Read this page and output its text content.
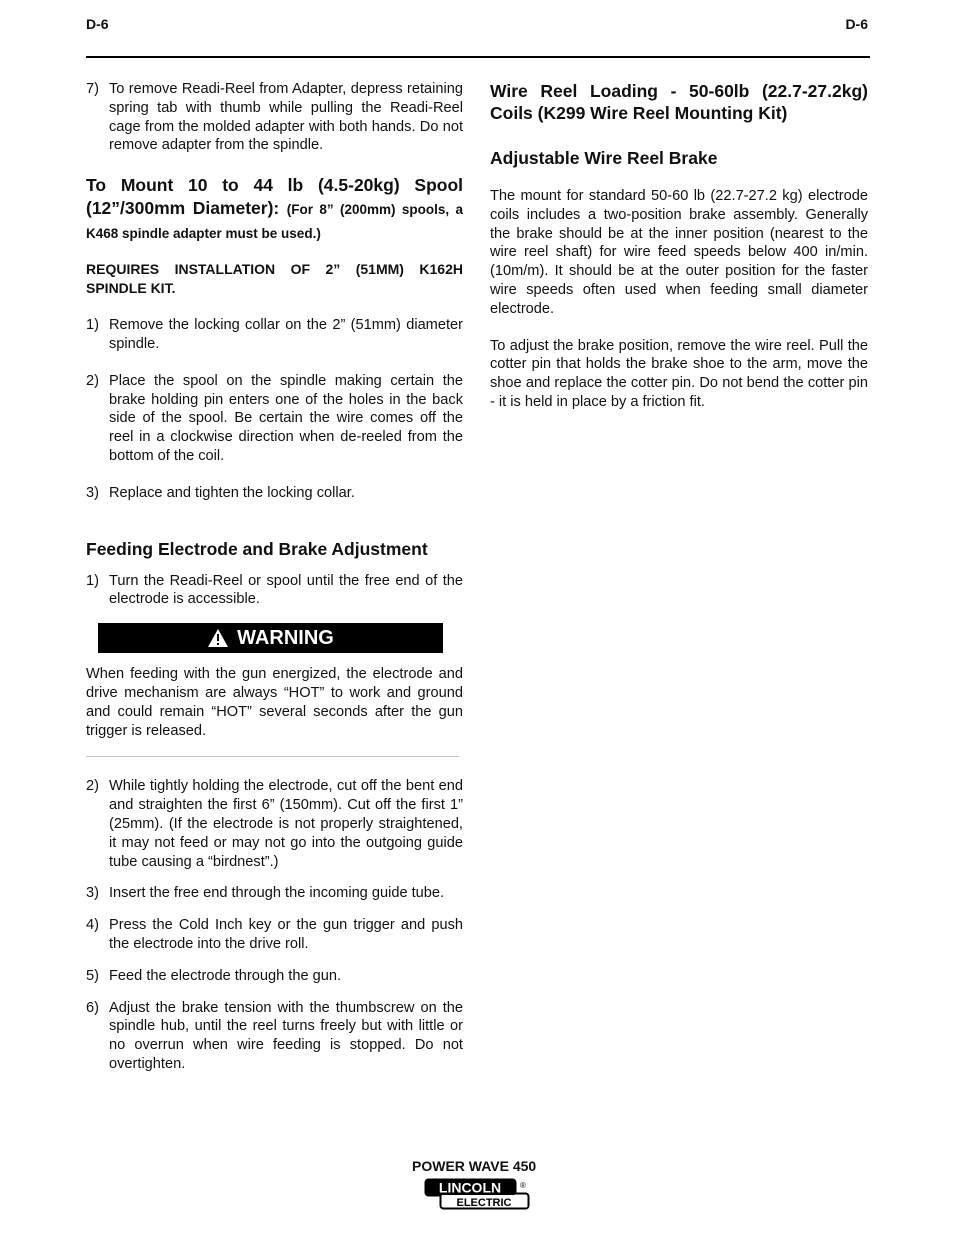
D-6	D-6
7) To remove Readi-Reel from Adapter, depress retaining spring tab with thumb while pulling the Readi-Reel cage from the molded adapter with both hands. Do not remove adapter from the spindle.
To Mount 10 to 44 lb (4.5-20kg) Spool (12”/300mm Diameter): (For 8” (200mm) spools, a K468 spindle adapter must be used.)
REQUIRES INSTALLATION OF 2” (51MM) K162H SPINDLE KIT.
1) Remove the locking collar on the 2” (51mm) diameter spindle.
2) Place the spool on the spindle making certain the brake holding pin enters one of the holes in the back side of the spool. Be certain the wire comes off the reel in a clockwise direction when de-reeled from the bottom of the coil.
3) Replace and tighten the locking collar.
Feeding Electrode and Brake Adjustment
1) Turn the Readi-Reel or spool until the free end of the electrode is accessible.
WARNING
When feeding with the gun energized, the electrode and drive mechanism are always “HOT” to work and ground and could remain “HOT” several seconds after the gun trigger is released.
2) While tightly holding the electrode, cut off the bent end and straighten the first 6” (150mm). Cut off the first 1” (25mm). (If the electrode is not properly straightened, it may not feed or may not go into the outgoing guide tube causing a “birdnest”.)
3) Insert the free end through the incoming guide tube.
4) Press the Cold Inch key or the gun trigger and push the electrode into the drive roll.
5) Feed the electrode through the gun.
6) Adjust the brake tension with the thumbscrew on the spindle hub, until the reel turns freely but with little or no overrun when wire feeding is stopped. Do not overtighten.
Wire Reel Loading - 50-60lb (22.7-27.2kg) Coils (K299 Wire Reel Mounting Kit)
Adjustable Wire Reel Brake
The mount for standard 50-60 lb (22.7-27.2 kg) electrode coils includes a two-position brake assembly. Generally the brake should be at the inner position (nearest to the wire reel shaft) for wire feed speeds below 400 in/min. (10m/m). It should be at the outer position for the faster wire speeds often used when feeding small diameter electrode.
To adjust the brake position, remove the wire reel. Pull the cotter pin that holds the brake shoe to the arm, move the shoe and replace the cotter pin. Do not bend the cotter pin - it is held in place by a friction fit.
POWER WAVE 450
LINCOLN
ELECTRIC
®
